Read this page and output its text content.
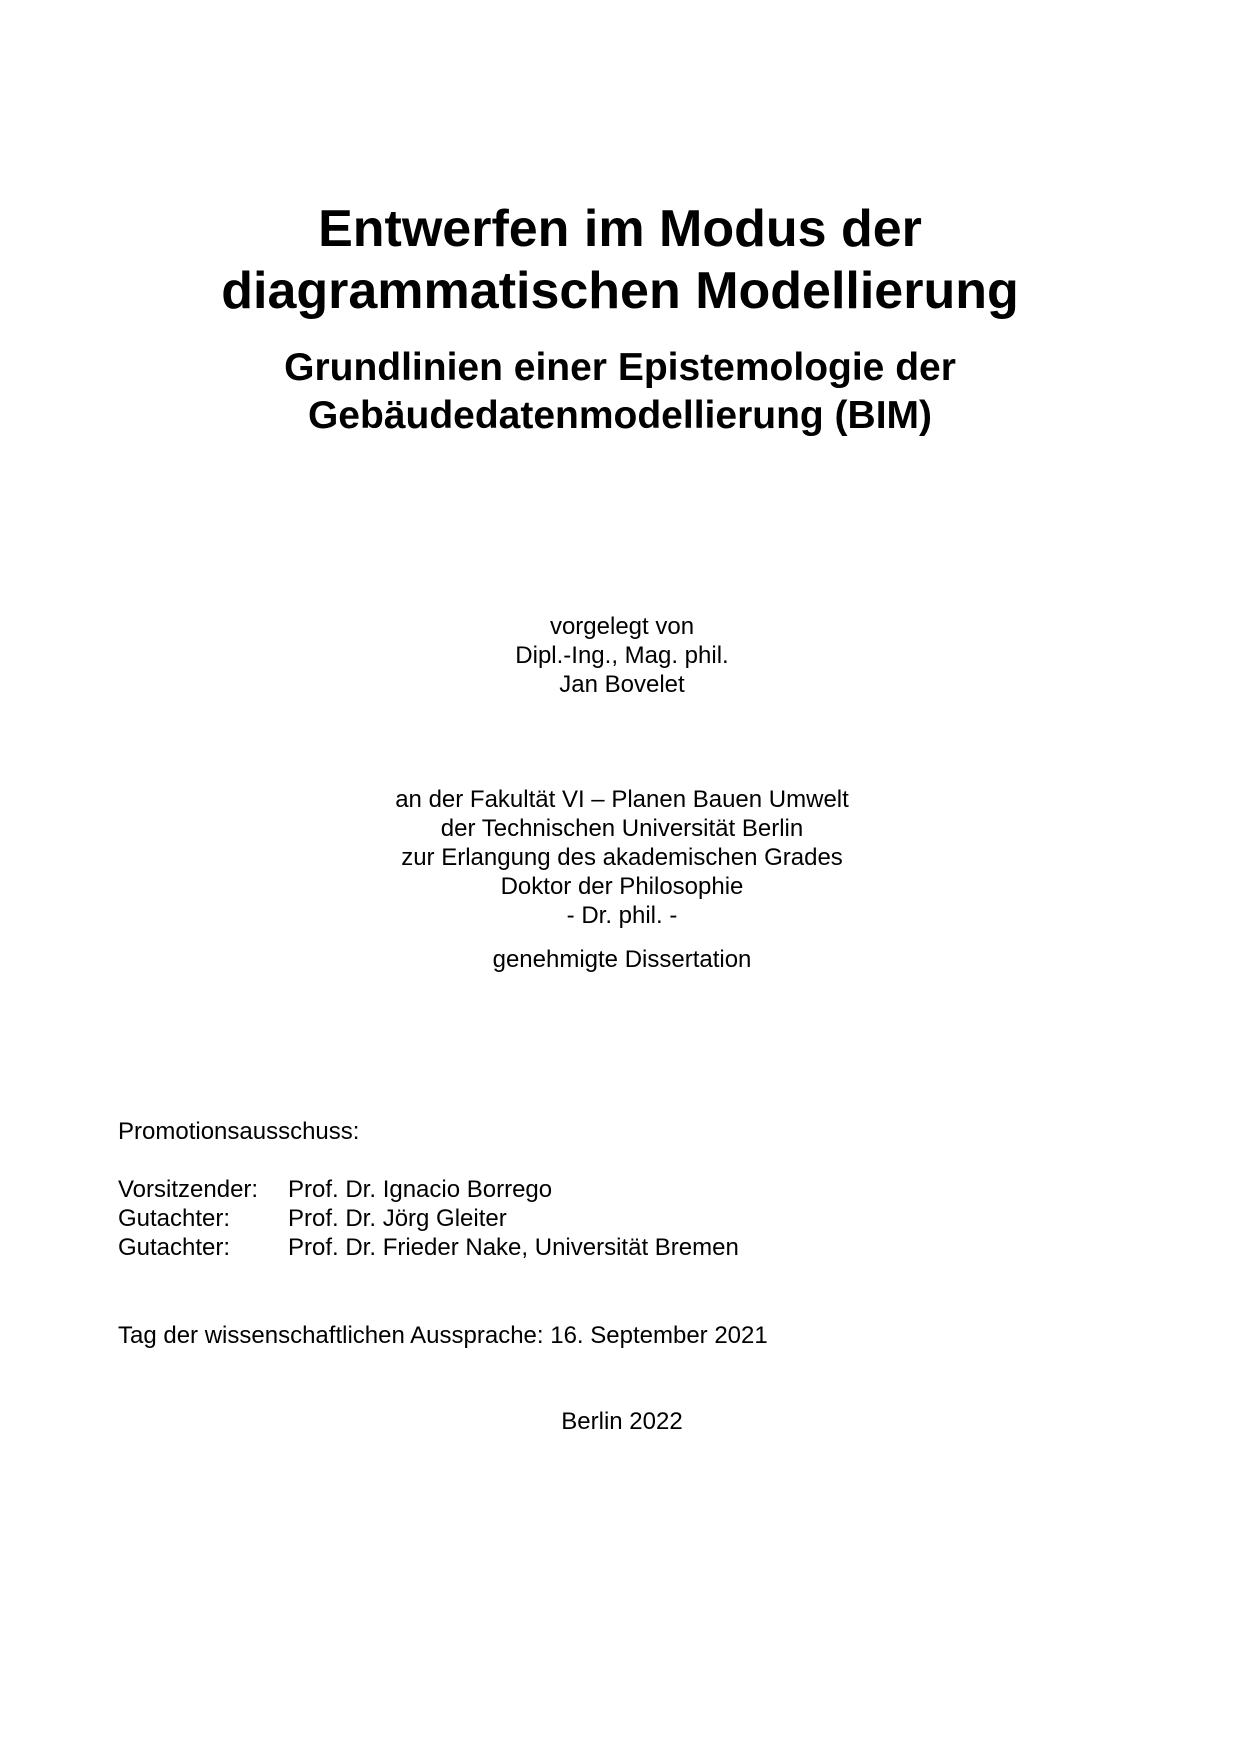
Entwerfen im Modus der
diagrammatischen Modellierung
Grundlinien einer Epistemologie der
Gebäudedatenmodellierung (BIM)
vorgelegt von
Dipl.-Ing., Mag. phil.
Jan Bovelet
an der Fakultät VI – Planen Bauen Umwelt
der Technischen Universität Berlin
zur Erlangung des akademischen Grades
Doktor der Philosophie
- Dr. phil. -
genehmigte Dissertation
Promotionsausschuss:
Vorsitzender:	Prof. Dr. Ignacio Borrego
Gutachter:	Prof. Dr. Jörg Gleiter
Gutachter:	Prof. Dr. Frieder Nake, Universität Bremen
Tag der wissenschaftlichen Aussprache: 16. September 2021
Berlin 2022
